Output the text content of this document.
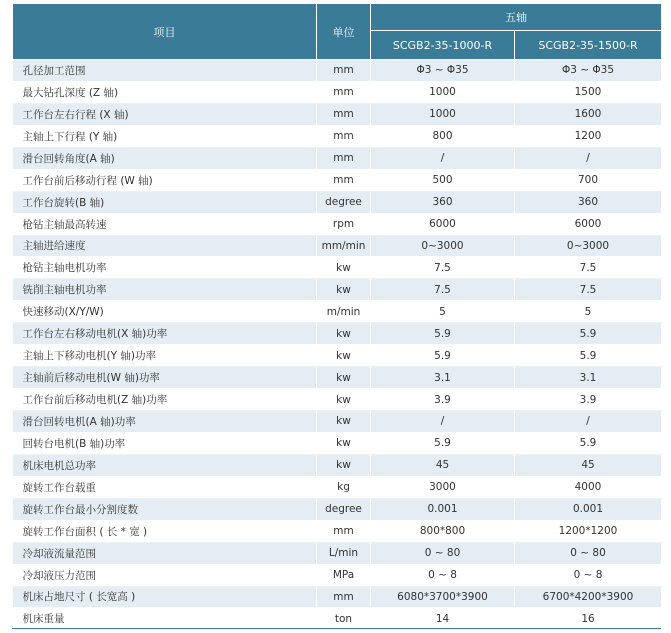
项目	单位	五轴	
		SCGB2-35-1000-R	SCGB2-35-1500-R
孔径加工范围	mm	Φ3 ~ Φ35	Φ3 ~ Φ35
最大钻孔深度 (Z 轴)	mm	1000	1500
工作台左右行程 (X 轴)	mm	1000	1600
主轴上下行程 (Y 轴)	mm	800	1200
滑台回转角度(A 轴)	mm	/	/
工作台前后移动行程 (W 轴)	mm	500	700
工作台旋转(B 轴)	degree	360	360
枪钻主轴最高转速	rpm	6000	6000
主轴进给速度	mm/min	0~3000	0~3000
枪钻主轴电机功率	kw	7.5	7.5
铣削主轴电机功率	kw	7.5	7.5
快速移动(X/Y/W)	m/min	5	5
工作台左右移动电机(X 轴)功率	kw	5.9	5.9
主轴上下移动电机(Y 轴)功率	kw	5.9	5.9
主轴前后移动电机(W 轴)功率	kw	3.1	3.1
工作台前后移动电机(Z 轴)功率	kw	3.9	3.9
滑台回转电机(A 轴)功率	kw	/	/
回转台电机(B 轴)功率	kw	5.9	5.9
机床电机总功率	kw	45	45
旋转工作台载重	kg	3000	4000
旋转工作台最小分割度数	degree	0.001	0.001
旋转工作台面积 ( 长 * 宽 )	mm	800*800	1200*1200
冷却液流量范围	L/min	0 ~ 80	0 ~ 80
冷却液压力范围	MPa	0 ~ 8	0 ~ 8
机床占地尺寸 ( 长宽高 )	mm	6080*3700*3900	6700*4200*3900
机床重量	ton	14	16
